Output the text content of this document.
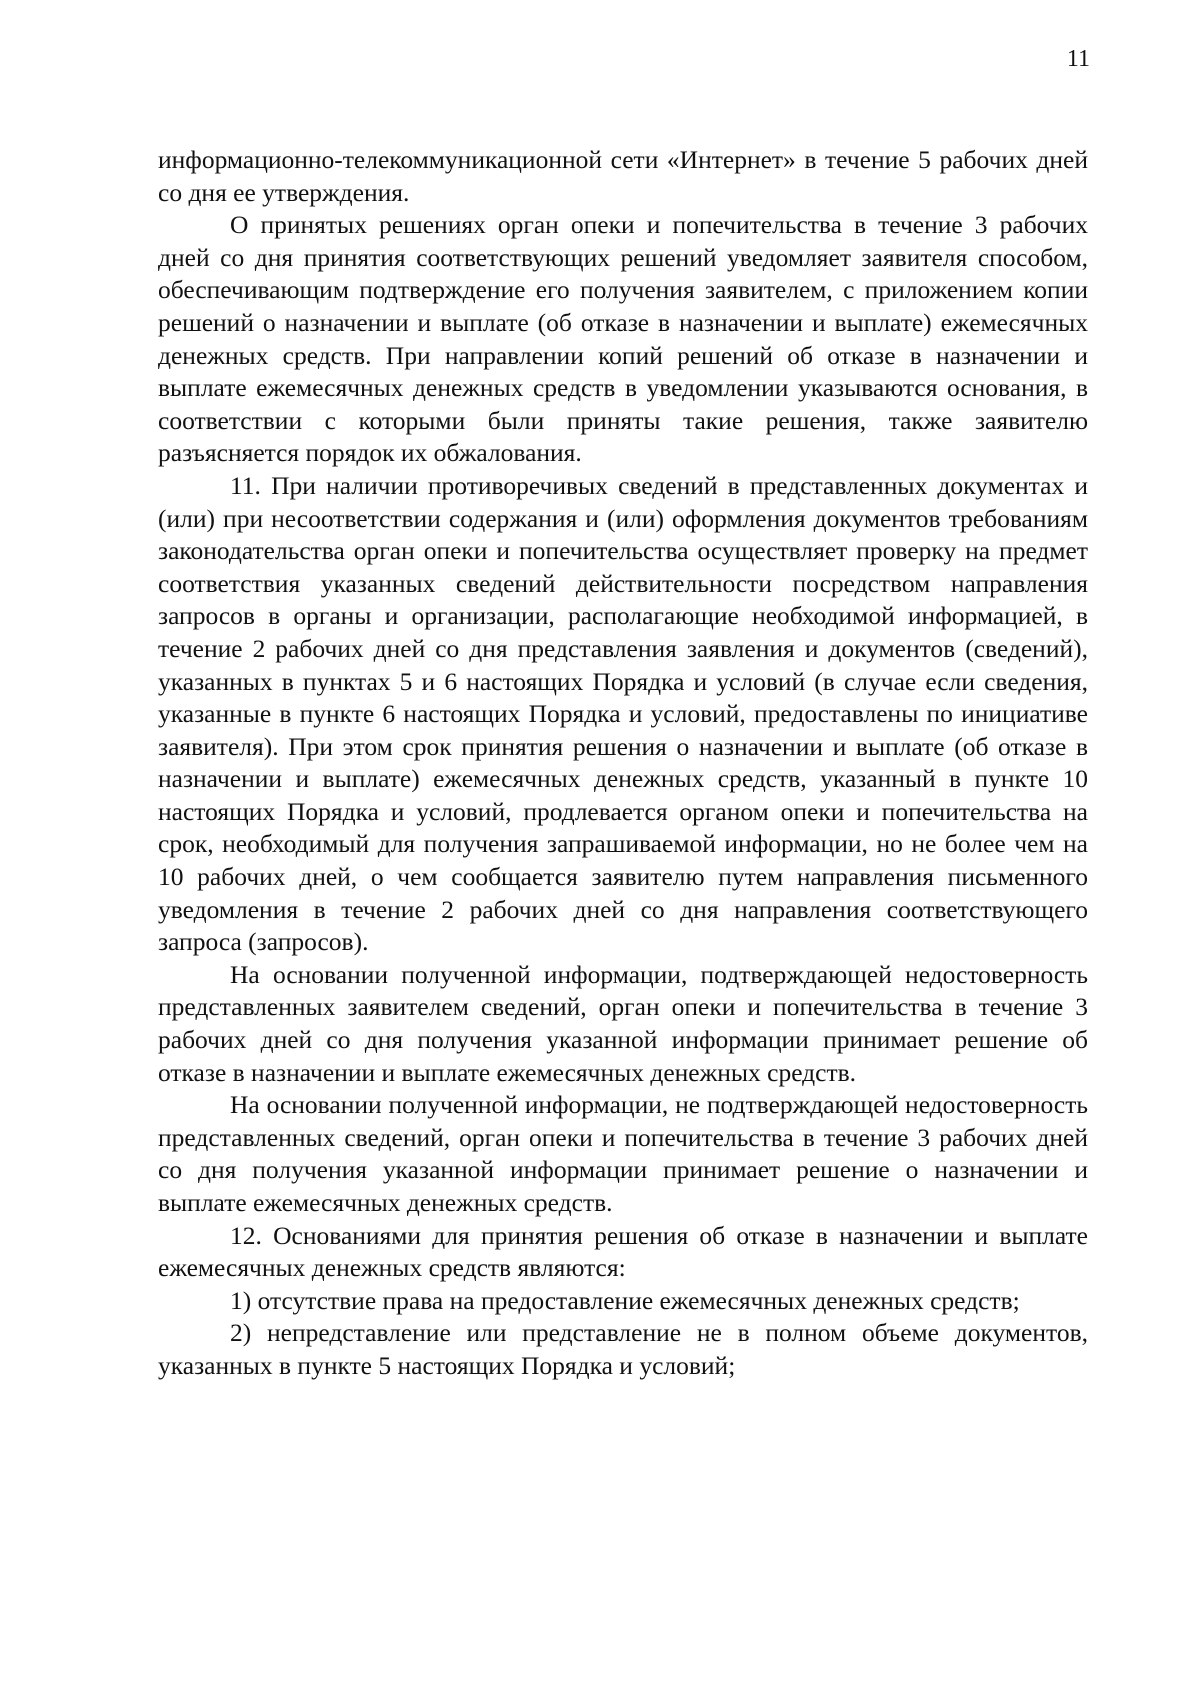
11

информационно-телекоммуникационной сети «Интернет» в течение 5 рабочих дней со дня ее утверждения.

О принятых решениях орган опеки и попечительства в течение 3 рабочих дней со дня принятия соответствующих решений уведомляет заявителя способом, обеспечивающим подтверждение его получения заявителем, с приложением копии решений о назначении и выплате (об отказе в назначении и выплате) ежемесячных денежных средств. При направлении копий решений об отказе в назначении и выплате ежемесячных денежных средств в уведомлении указываются основания, в соответствии с которыми были приняты такие решения, также заявителю разъясняется порядок их обжалования.

11. При наличии противоречивых сведений в представленных документах и (или) при несоответствии содержания и (или) оформления документов требованиям законодательства орган опеки и попечительства осуществляет проверку на предмет соответствия указанных сведений действительности посредством направления запросов в органы и организации, располагающие необходимой информацией, в течение 2 рабочих дней со дня представления заявления и документов (сведений), указанных в пунктах 5 и 6 настоящих Порядка и условий (в случае если сведения, указанные в пункте 6 настоящих Порядка и условий, предоставлены по инициативе заявителя). При этом срок принятия решения о назначении и выплате (об отказе в назначении и выплате) ежемесячных денежных средств, указанный в пункте 10 настоящих Порядка и условий, продлевается органом опеки и попечительства на срок, необходимый для получения запрашиваемой информации, но не более чем на 10 рабочих дней, о чем сообщается заявителю путем направления письменного уведомления в течение 2 рабочих дней со дня направления соответствующего запроса (запросов).

На основании полученной информации, подтверждающей недостоверность представленных заявителем сведений, орган опеки и попечительства в течение 3 рабочих дней со дня получения указанной информации принимает решение об отказе в назначении и выплате ежемесячных денежных средств.

На основании полученной информации, не подтверждающей недостоверность представленных сведений, орган опеки и попечительства в течение 3 рабочих дней со дня получения указанной информации принимает решение о назначении и выплате ежемесячных денежных средств.

12. Основаниями для принятия решения об отказе в назначении и выплате ежемесячных денежных средств являются:

1) отсутствие права на предоставление ежемесячных денежных средств;

2) непредставление или представление не в полном объеме документов, указанных в пункте 5 настоящих Порядка и условий;
